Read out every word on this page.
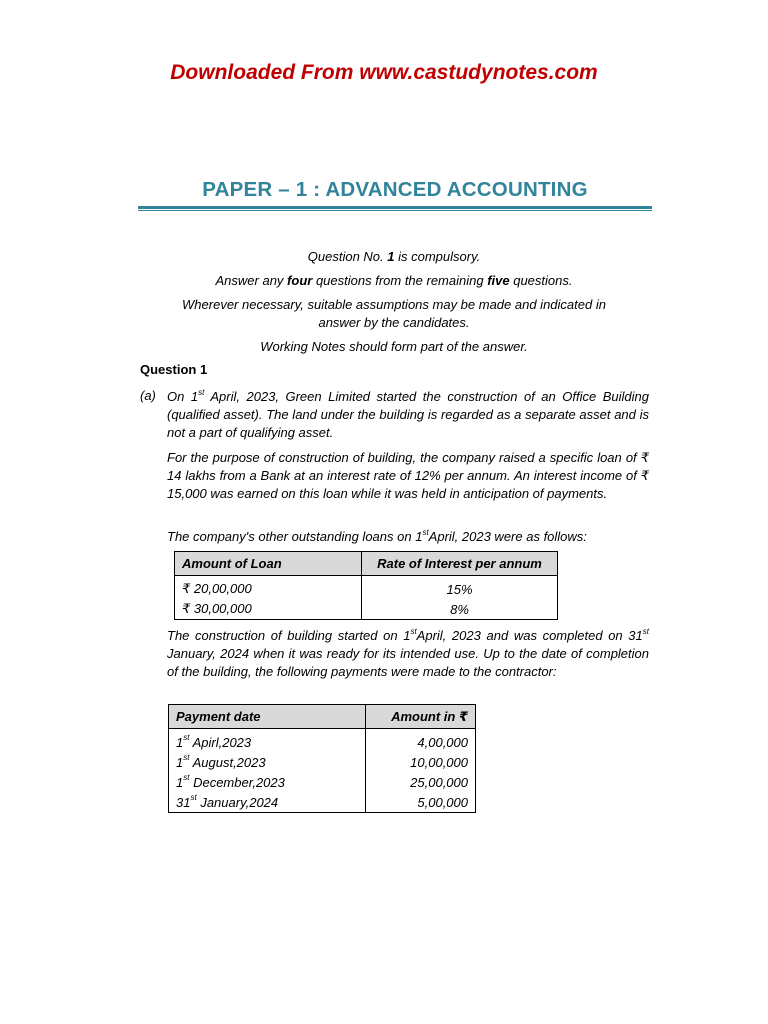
Downloaded From www.castudynotes.com
PAPER – 1 : ADVANCED ACCOUNTING
Question No. 1 is compulsory.
Answer any four questions from the remaining five questions.
Wherever necessary, suitable assumptions may be made and indicated in
answer by the candidates.
Working Notes should form part of the answer.
Question 1
(a) On 1st April, 2023, Green Limited started the construction of an Office Building (qualified asset). The land under the building is regarded as a separate asset and is not a part of qualifying asset.
For the purpose of construction of building, the company raised a specific loan of ₹ 14 lakhs from a Bank at an interest rate of 12% per annum. An interest income of ₹ 15,000 was earned on this loan while it was held in anticipation of payments.
The company's other outstanding loans on 1stApril, 2023 were as follows:
Amount of Loan	Rate of Interest per annum
₹ 20,00,000	15%
₹ 30,00,000	8%
The construction of building started on 1stApril, 2023 and was completed on 31st January, 2024 when it was ready for its intended use. Up to the date of completion of the building, the following payments were made to the contractor:
Payment date	Amount in ₹
1st Apirl,2023	4,00,000
1st August,2023	10,00,000
1st December,2023	25,00,000
31st January,2024	5,00,000
